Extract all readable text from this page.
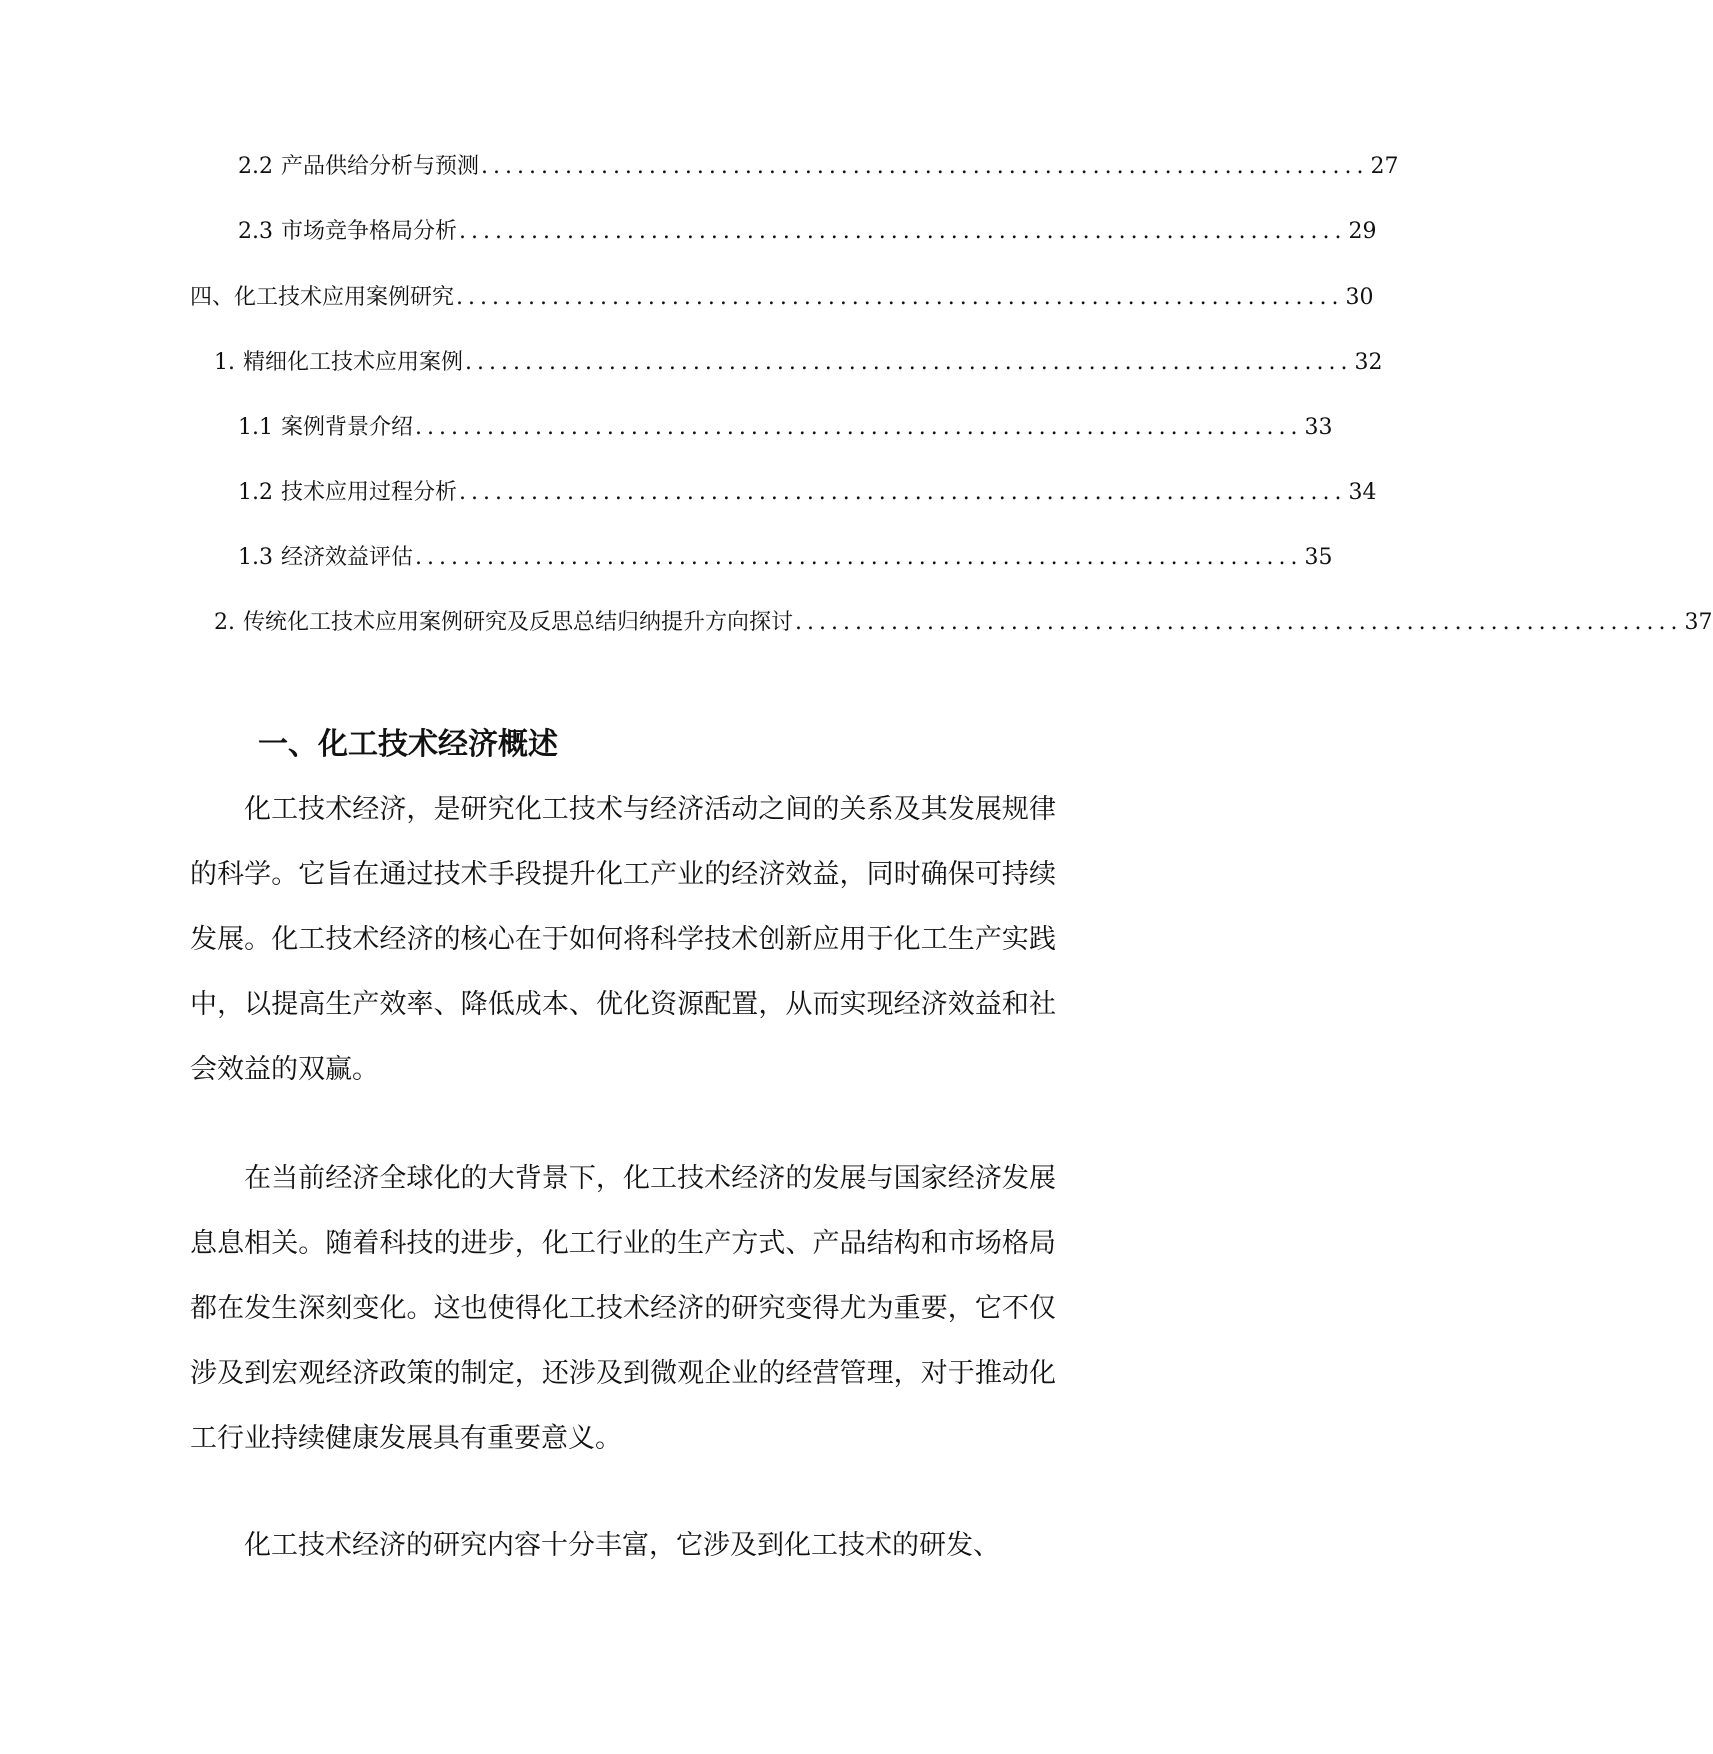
2.2 产品供给分析与预测 .......................................................................... 27
2.3 市场竞争格局分析 .......................................................................... 29
四、化工技术应用案例研究 .......................................................................... 30
1. 精细化工技术应用案例 .......................................................................... 32
1.1 案例背景介绍 .......................................................................... 33
1.2 技术应用过程分析 .......................................................................... 34
1.3 经济效益评估 .......................................................................... 35
2. 传统化工技术应用案例研究及反思总结归纳提升方向探讨 .......................................................................... 37
一、化工技术经济概述

化工技术经济，是研究化工技术与经济活动之间的关系及其发展规律的科学。它旨在通过技术手段提升化工产业的经济效益，同时确保可持续发展。化工技术经济的核心在于如何将科学技术创新应用于化工生产实践中，以提高生产效率、降低成本、优化资源配置，从而实现经济效益和社会效益的双赢。

在当前经济全球化的大背景下，化工技术经济的发展与国家经济发展息息相关。随着科技的进步，化工行业的生产方式、产品结构和市场格局都在发生深刻变化。这也使得化工技术经济的研究变得尤为重要，它不仅涉及到宏观经济政策的制定，还涉及到微观企业的经营管理，对于推动化工行业持续健康发展具有重要意义。

化工技术经济的研究内容十分丰富，它涉及到化工技术的研发、
